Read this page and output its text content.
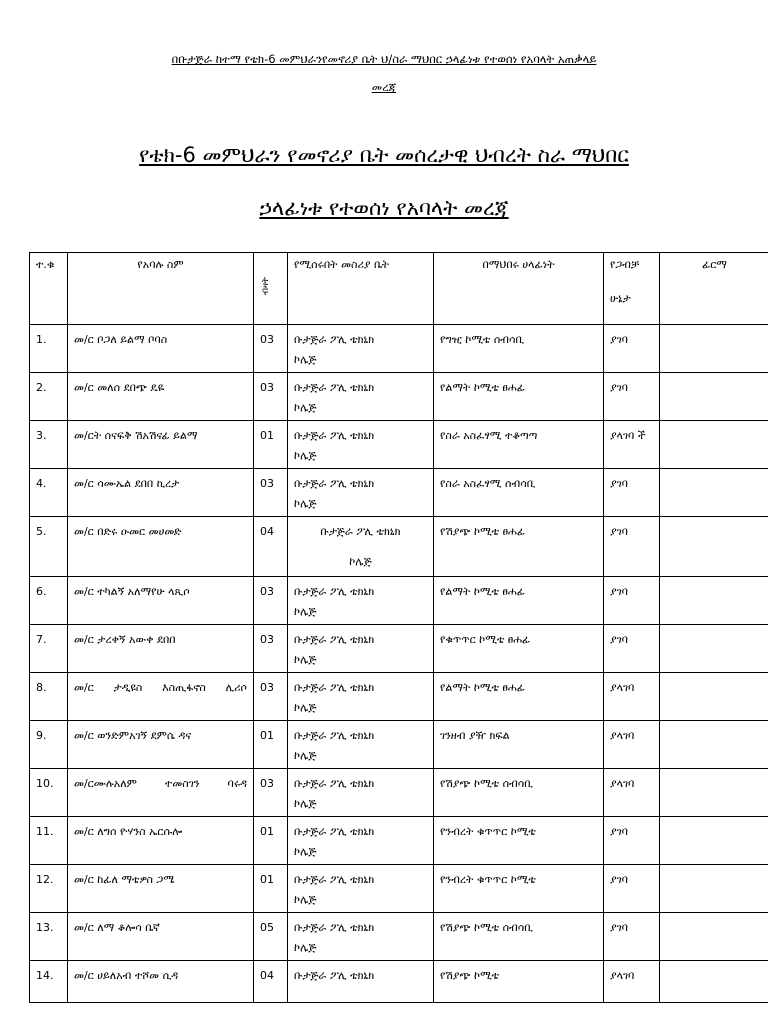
በቡታጅራ ከተማ የቴክ-6 መምህራንየመኖሪያ ቤት ህ/ስራ ማህበር ኃላፊነቱ የተወሰነ የአባላት አጠቃላይ
መረጃ
የቴክ-6 መምህራን የመኖሪያ ቤት መሰረታዊ ህብረት ስራ ማህበር
ኃላፊነቱ የተወሰነ የአባላት መረጃ
ተ.ቁ	የአባሉ ስም	ብዛት	የሚሰሩበት መስሪያ ቤት	በማህበሩ ሀላፊነት	የጋብቻ
ሁኔታ	ፊርማ
1.	መ/ር ቦጋለ ይልማ ቦባስ	03	ቡታጅራ ፖሊ ቴክኒክ
ኮሌጅ	የግዢ ኮሚቴ ሰብሳቢ	ያገባ	
2.	መ/ር መለሰ ደበጭ ዴዬ	03	ቡታጅራ ፖሊ ቴክኒክ
ኮሌጅ	የልማት ኮሚቴ ፀሐፊ	ያገባ	
3.	መ/ርት ሰናፍቅ ሽአሽናፊ ይልማ	01	ቡታጅራ ፖሊ ቴክኒክ
ኮሌጅ	የስራ አስፈፃሚ ተቆጣጣ	ያላገባ ች	
4.	መ/ር ሳሙኤል ደበበ ኪረታ	03	ቡታጅራ ፖሊ ቴክኒክ
ኮሌጅ	የስራ አስፈፃሚ ሰብሳቢ	ያገባ	
5.	መ/ር በድሩ ዑመር መሀመድ	04	ቡታጅራ ፖሊ ቴክኒክ
ኮሌጅ	የሽያጭ ኮሚቴ ፀሐፊ	ያገባ	
6.	መ/ር ተካልኝ አለማየሁ ላጺሶ	03	ቡታጅራ ፖሊ ቴክኒክ
ኮሌጅ	የልማት ኮሚቴ ፀሐፊ	ያገባ	
7.	መ/ር ታረቀኝ አውቀ ደበበ	03	ቡታጅራ ፖሊ ቴክኒክ
ኮሌጅ	የቁጥጥር ኮሚቴ ፀሐፊ	ያገባ	
8.	መ/ር ታዲዩስ እስጢፋኖስ ሊሪሶ	03	ቡታጅራ ፖሊ ቴክኒክ
ኮሌጅ	የልማት ኮሚቴ ፀሐፊ	ያላገባ	
9.	መ/ር ወንድምአገኝ ደምሴ ዳና	01	ቡታጅራ ፖሊ ቴክኒክ
ኮሌጅ	ገንዘብ ያዥ ክፍል	ያላገባ	
10.	መ/ርሙሉአለም ተመስገን ባሩዳ	03	ቡታጅራ ፖሊ ቴክኒክ
ኮሌጅ	የሽያጭ ኮሚቴ ሰብሳቢ	ያላገባ	
11.	መ/ር ለግሰ ዮሃንስ ኤርሱሎ	01	ቡታጅራ ፖሊ ቴክኒክ
ኮሌጅ	የንብረት ቁጥጥር ኮሚቴ	ያገባ	
12.	መ/ር ከፊለ ማቴዎስ ጋሜ	01	ቡታጅራ ፖሊ ቴክኒክ
ኮሌጅ	የንብረት ቁጥጥር ኮሚቴ	ያገባ	
13.	መ/ር ለማ ቆሎሳ ቤኛ	05	ቡታጅራ ፖሊ ቴክኒክ
ኮሌጅ	የሽያጭ ኮሚቴ ሰብሳቢ	ያገባ	
14.	መ/ር ሀይለአብ ተሾመ ሲዳ	04	ቡታጅራ ፖሊ ቴክኒክ	የሽያጭ ኮሚቴ	ያላገባ	
